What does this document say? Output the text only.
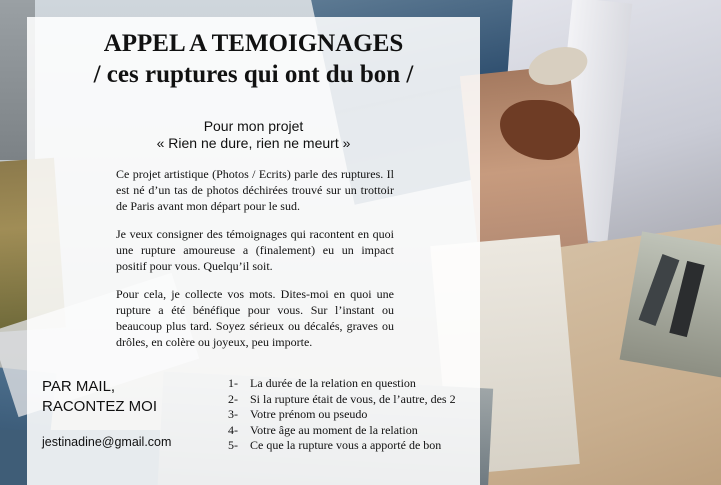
APPEL A TEMOIGNAGES
/ ces ruptures qui ont du bon /

Pour mon projet

« Rien ne dure, rien ne meurt »

Ce projet artistique (Photos / Ecrits) parle des ruptures. Il est né d’un tas de photos déchirées trouvé sur un trottoir de Paris avant mon départ pour le sud.

Je veux consigner des témoignages qui racontent en quoi une rupture amoureuse a (finalement) eu un impact positif pour vous. Quelqu’il soit.

Pour cela, je collecte vos mots. Dites-moi en quoi une rupture a été bénéfique pour vous. Sur l’instant ou beaucoup plus tard. Soyez sérieux ou décalés, graves ou drôles, en colère ou joyeux, peu importe.

PAR MAIL,

RACONTEZ MOI

jestinadine@gmail.com

1-	La durée de la relation en question
2-	Si la rupture était de vous, de l’autre, des 2
3-	Votre prénom ou pseudo
4-	Votre âge au moment de la relation
5-	Ce que la rupture vous a apporté de bon
